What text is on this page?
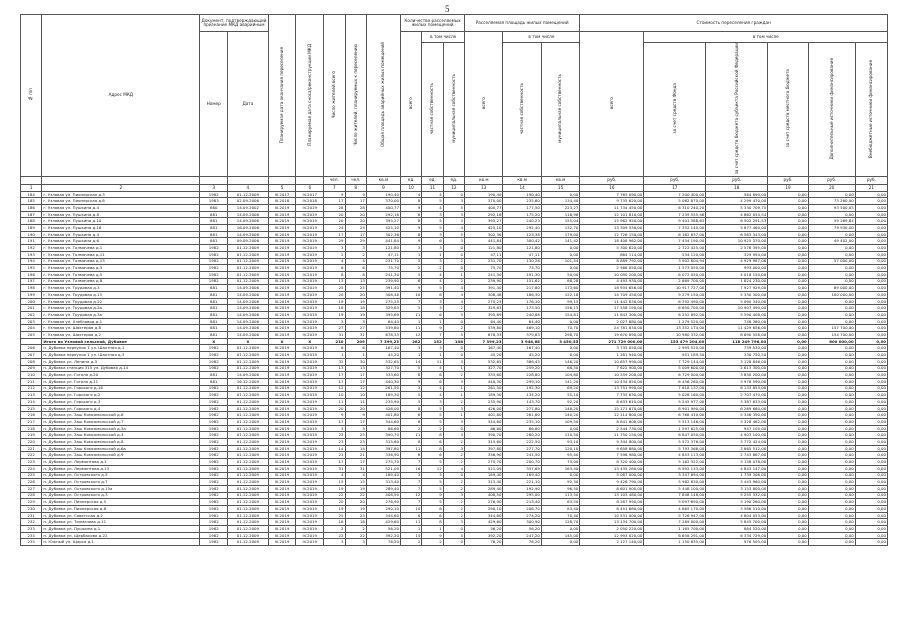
5
№ п/п	Адрес МКД	Документ, подтверждающий признание МКД аварийным		Планируемая дата окончания переселения	Планируемая дата сноса/реконструкции МКД	Число жителей всего	Число жителей, планируемых к переселению	Общая площадь аварийных жилых помещений	Количество расселяемых жилых помещений			Расселяемая площадь жилых помещений			Стоимость переселения граждан					
		Номер	Дата						всего	в том числе		всего	в том числе		всего	в том числе				
										частная собственность	муниципальная собственность		частная собственность	муниципальная собственность		за счет средств Фонда	за счет средств бюджета субъекта Российской Федерации	за счет средств местного бюджета	Дополнительные источники финансирования	Внебюджетные источники финансирования
						чел.	чел.	кв.м	ед.	ед.	ед.	кв.м	кв.м	кв.м	руб.	руб.	руб.	руб.	руб.	руб.
1	2	3	4	5	6	7	8	9	10	11	12	13	14	15	16	17	18	19	20	21
184	г. Узловая ул. Пионерская д.3	1982	01.12.2009	III.2017	IV.2017	9	9	190,40	4	4	0	190,40	190,40	0,00	7 765 090,00	7 200 400,00	564 690,00	0,00	0,00	0,00
185	г. Узловая ул. Пионерская д.8	1983	02.09.2006	III.2018	IV.2018	17	17	370,00	8	5	3	370,00	235,60	134,40	9 735 620,00	5 062 870,00	4 299 470,00	0,00	73 280,00	0,00
186	г. Узловая ул. Пушкина д.4	880	14.09.2002	III.2019	IV.2019	28	28	400,77	9	4	5	400,77	177,50	223,27	11 734 450,00	6 310 240,20	5 330 709,75	0,00	93 500,05	0,00
187	г. Узловая ул. Пушкина д.8	881	14.09.2006	III.2019	IV.2019	20	20	292,16	6	3	3	292,16	175,20	116,96	12 101 810,00	7 239 555,46	4 862 054,54	0,00	0,00	0,00
188	г. Узловая ул. Пушкина д.10	881	14.09.2006	III.2019	IV.2019	20	20	395,27	8	5	3	395,27	240,23	155,04	15 962 950,00	9 401 388,63	6 502 291,53	0,00	59 269,84	0,00
189	г. Узловая ул. Пушкина д.16	881	16.09.2006	III.2019	IV.2019	24	24	425,10	9	5	4	425,10	292,40	132,70	13 309 530,00	7 352 140,00	5 877 460,00	0,00	79 930,00	0,00
190	г. Узловая ул. Пушкина д.4	881	14.09.2006	III.2019	IV.2019	17	17	302,36	8	3	5	302,36	123,38	179,00	12 726 150,00	6 162 837,00	6 563 343,00	0,00	0,00	0,00
191	г. Узловая ул. Пушкина д.6	881	09.09.2006	III.2019	IV.2019	29	29	441,84	9	6	3	441,84	300,42	141,42	18 408 962,00	7 434 190,00	10 925 370,00	0,00	49 402,00	0,00
192	г. Узловая ул. Толмачева д.1	1982	01.12.2009	III.2019	IV.2019	3	3	121,80	3	3	0	121,80	121,80	0,00	5 300 820,00	2 722 425,00	2 578 395,00	0,00	0,00	0,00
193	г. Узловая ул. Толмачева д.11	1982	01.12.2009	III.2019	IV.2019	2	2	47,11	1	1	0	47,11	47,11	0,00	864 114,00	534 120,00	329 994,00	0,00	0,00	0,00
194	г. Узловая ул. Толмачева д.13	1982	01.12.2009	III.2019	IV.2019	4	4	231,70	5	3	2	231,70	130,26	101,44	8 889 792,00	3 902 804,94	4 929 987,06	0,00	57 000,00	0,00
195	г. Узловая ул. Толмачева д.3	1982	01.12.2009	III.2019	IV.2019	6	6	75,70	2	2	0	75,70	75,70	0,00	2 566 050,00	1 573 050,00	993 000,00	0,00	0,00	0,00
196	г. Узловая ул. Толмачева д.5	1982	01.12.2009	III.2019	IV.2019	8	8	241,30	5	4	1	241,30	191,30	50,00	10 090 200,00	6 072 050,00	4 018 150,00	0,00	0,00	0,00
197	г. Узловая ул. Толмачева д.8	1982	01.12.2009	III.2019	IV.2019	13	13	239,90	6	4	2	239,90	151,62	88,28	4 493 930,00	2 669 700,00	1 824 230,00	0,00	0,00	0,00
198	г. Узловая ул. Трудовая д.3	881	14.09.2006	III.2019	IV.2019	25	25	391,40	9	5	4	391,40	217,80	173,60	18 934 656,00	10 917 727,00	7 927 929,00	0,00	89 000,00	0,00
199	г. Узловая ул. Трудовая д.13	881	14.09.2006	III.2019	IV.2019	20	20	308,48	10	6	4	308,48	186,30	122,18	14 709 450,00	9 279 150,00	5 330 300,00	0,00	100 000,00	0,00
200	г. Узловая ул. Трудовая д.22	881	14.09.2006	III.2019	IV.2019	19	19	275,25	7	3	4	275,25	176,10	99,15	11 442 830,00	6 352 490,00	5 090 340,00	0,00	0,00	0,00
201	г. Узловая ул. Трудовая д.2а	881	14.09.2006	III.2019	IV.2019	18	18	329,63	5	3	2	329,63	173,50	156,13	17 558 190,00	6 650 700,00	10 907 490,00	0,00	0,00	0,00
202	г. Узловая ул. Трудовая д.3а	881	14.09.2006	III.2019	IV.2019	19	19	395,69	11	6	5	395,69	240,88	154,81	11 843 300,00	6 252 892,00	5 590 408,00	0,00	0,00	0,00
203	г. Узловая ул. Хлебзавод д.1	881	14.09.2006	III.2019	IV.2019	3	3	64,40	1	1	0	64,40	64,40	0,00	2 027 880,00	1 279 520,00	748 360,00	0,00	0,00	0,00
204	г. Узловая ул. Шахтеров д.8	881	14.09.2006	III.2019	IV.2019	27	27	539,80	11	9	2	539,80	469,10	70,70	24 781 830,00	13 352 174,00	11 429 656,00	0,00	157 700,00	0,00
205	г. Узловая ул. Шахтеров д.2	881	14.09.2006	III.2019	IV.2019	31	31	678,33	12	7	5	678,33	379,63	298,70	19 670 890,00	10 980 332,00	8 690 558,00	0,00	154 700,00	0,00
	Итого по Узловой сельской, Дубовое	X	X	X	X	210	209	7 399,23	262	152	108	7 399,23	3 948,68	3 450,55	271 729 000,00	153 479 204,00	118 249 796,00	0,00	600 000,00	0,00
206	п. Дубовка переулок 1 ул. Шахтная д.1	1982	01.12.2009	III.2019	IV.2019	6	6	167,40	3	3	0	167,40	167,40	0,00	3 735 050,00	2 995 520,00	739 530,00	0,00	0,00	0,00
207	п. Дубовка переулок 1 ул. Шахтная д.3	1982	01.12.2009	III.2019	IV.2019	1	1	45,20	1	1	0	45,20	45,20	0,00	1 281 940,00	951 189,50	330 750,50	0,00	0,00	0,00
208	п. Дубовка ул. Ленина д.3	1982	01.12.2009	III.2019	IV.2019	32	30	532,65	14	11	3	532,65	386,45	146,20	10 857 990,00	7 729 144,00	3 128 846,00	0,00	0,00	0,00
209	п. Дубовка станция 315 ул. Дубовая д.14	1982	01.12.2009	III.2019	IV.2019	13	13	327,70	5	4	1	327,70	259,20	68,50	7 622 900,00	5 009 600,00	2 613 300,00	0,00	0,00	0,00
210	п. Дубовка ул. Гоголя д.20	881	14.09.2006	III.2019	IV.2019	17	17	333,60	8	6	2	333,60	228,80	104,80	10 559 200,00	6 729 000,00	3 830 200,00	0,00	0,00	0,00
211	п. Дубовка ул. Гоголя д.11	881	16.12.2009	III.2019	IV.2019	17	17	440,30	9	6	3	440,30	299,10	141,20	10 434 850,00	6 456 260,00	3 978 590,00	0,00	0,00	0,00
212	п. Дубовка ул. Горького д.16	1982	01.12.2009	III.2019	IV.2019	12	12	261,50	5	4	1	261,50	192,30	69,20	13 751 990,00	7 618 137,00	6 133 853,00	0,00	0,00	0,00
213	п. Дубовка ул. Горького д.2	1982	01.12.2009	III.2019	IV.2019	10	10	189,30	5	4	1	189,30	134,20	55,10	7 735 630,00	5 028 160,00	2 707 470,00	0,00	0,00	0,00
214	п. Дубовка ул. Горького д.3	1982	01.12.2009	III.2019	IV.2019	11	11	235,90	5	3	2	235,90	143,70	92,20	8 633 610,00	5 245 977,00	3 387 633,00	0,00	0,00	0,00
215	п. Дубовка ул. Горького д.4	1982	01.12.2009	III.2019	IV.2019	20	20	426,00	8	5	3	426,00	277,80	148,20	15 171 670,00	8 901 990,00	6 269 680,00	0,00	0,00	0,00
216	п. Дубовка ул. Заш Комсомольской д.6	1982	01.12.2009	III.2019	IV.2019	9	9	401,80	6	5	1	401,80	261,60	140,20	12 114 800,00	6 768 410,00	5 346 390,00	0,00	0,00	0,00
217	п. Дубовка ул. Заш Комсомольской д.7	1982	01.12.2009	III.2019	IV.2019	17	17	344,60	8	5	3	344,60	235,10	109,50	8 841 608,00	5 513 146,00	3 328 462,00	0,00	0,00	0,00
218	п. Дубовка ул. Заш Комсомольской д.5а	1982	01.12.2009	III.2019	IV.2019	3	3	86,60	2	2	0	86,60	86,60	0,00	2 544 730,00	1 597 625,00	947 105,00	0,00	0,00	0,00
219	п. Дубовка ул. Заш Комсомольской д.4	1982	01.12.2009	III.2019	IV.2019	25	25	390,70	11	8	3	390,70	280,20	110,50	11 750 150,00	6 847 050,00	4 903 100,00	0,00	0,00	0,00
220	п. Дубовка ул. Заш Комсомольской д.8	1982	01.12.2009	III.2019	IV.2019	23	23	315,60	8	6	2	315,60	222,50	93,10	9 344 800,00	5 572 376,00	3 772 424,00	0,00	0,00	0,00
221	п. Дубовка ул. Заш Комсомольской д.6а	1982	01.12.2009	III.2019	IV.2019	14	14	397,80	11	8	3	397,80	277,70	120,10	9 658 880,00	5 793 368,00	3 865 512,00	0,00	0,00	0,00
222	п. Дубовка ул. Заш Комсомольской д.9	1982	01.12.2009	III.2019	IV.2019	21	21	336,90	8	6	2	336,90	241,50	95,40	7 596 980,00	4 853 113,00	2 743 867,00	0,00	0,00	0,00
223	п. Дубовка ул. Лермонтова д.1	1982	01.12.2009	III.2019	IV.2019	17	17	275,70	7	5	2	275,70	200,70	75,00	8 320 400,00	5 162 322,00	3 158 078,00	0,00	0,00	0,00
224	п. Дубовка ул. Лермонтова д.13	1982	01.12.2009	III.2019	IV.2019	31	31	521,09	16	12	4	521,09	357,69	163,40	13 435 280,00	8 592 133,00	4 843 147,00	0,00	0,00	0,00
225	п. Дубовка ул. Островского д.5	1982	01.12.2009	III.2019	IV.2019	4	4	169,40	3	3	0	169,40	169,40	0,00	5 087 000,00	3 347 694,00	1 739 306,00	0,00	0,00	0,00
226	п. Дубовка ул. Островского д.7	1982	01.12.2009	III.2019	IV.2019	15	15	313,40	7	5	2	313,40	221,10	92,30	9 426 790,00	5 982 830,00	3 443 960,00	0,00	0,00	0,00
227	п. Дубовка ул. Островского д.15а	1982	01.12.2009	III.2019	IV.2019	19	19	289,40	7	5	2	289,40	192,90	96,50	8 601 900,00	5 448 100,00	3 153 800,00	0,00	0,00	0,00
228	п. Дубовка ул. Островского д.3	1982	01.12.2009	III.2019	IV.2019	22	22	408,50	12	9	3	408,50	295,00	113,50	13 103 480,00	7 848 148,00	5 255 332,00	0,00	0,00	0,00
229	п. Дубовка ул. Пионерская д.5	1982	01.12.2009	III.2019	IV.2019	20	20	276,90	7	5	2	276,90	213,40	63,50	8 287 950,00	5 097 690,00	3 190 260,00	0,00	0,00	0,00
230	п. Дубовка ул. Пионерская д.8	1982	01.12.2009	III.2019	IV.2019	19	19	290,10	10	8	2	290,10	206,70	83,40	8 451 680,00	4 865 170,00	3 586 510,00	0,00	0,00	0,00
231	п. Дубовка ул. Советская д.2	1982	01.12.2009	III.2019	IV.2019	25	25	344,60	8	6	2	344,60	274,20	70,40	10 531 000,00	5 726 947,00	4 804 053,00	0,00	0,00	0,00
232	п. Дубовка ул. Толмачева д.11	1982	01.12.2009	III.2019	IV.2019	18	18	429,60	11	8	3	429,60	300,90	128,70	13 134 700,00	7 289 000,00	5 845 700,00	0,00	0,00	0,00
233	п. Дубовка ул. Пушкина д.1	1982	01.12.2009	III.2019	IV.2019	2	2	56,20	1	1	0	56,20	56,20	0,00	2 050 220,00	1 165 700,00	884 520,00	0,00	0,00	0,00
234	п. Дубовка ул. Щербакова д.22	1982	01.12.2009	III.2019	IV.2019	22	22	392,20	14	9	5	392,20	247,20	145,00	12 993 020,00	6 658 291,00	6 334 729,00	0,00	0,00	0,00
235	п. Южный ул. Щорса д.1	1982	01.12.2009	III.2019	IV.2019	3	3	76,20	2	2	0	76,20	76,20	0,00	2 127 140,00	1 150 635,00	976 505,00	0,00	0,00	0,00
